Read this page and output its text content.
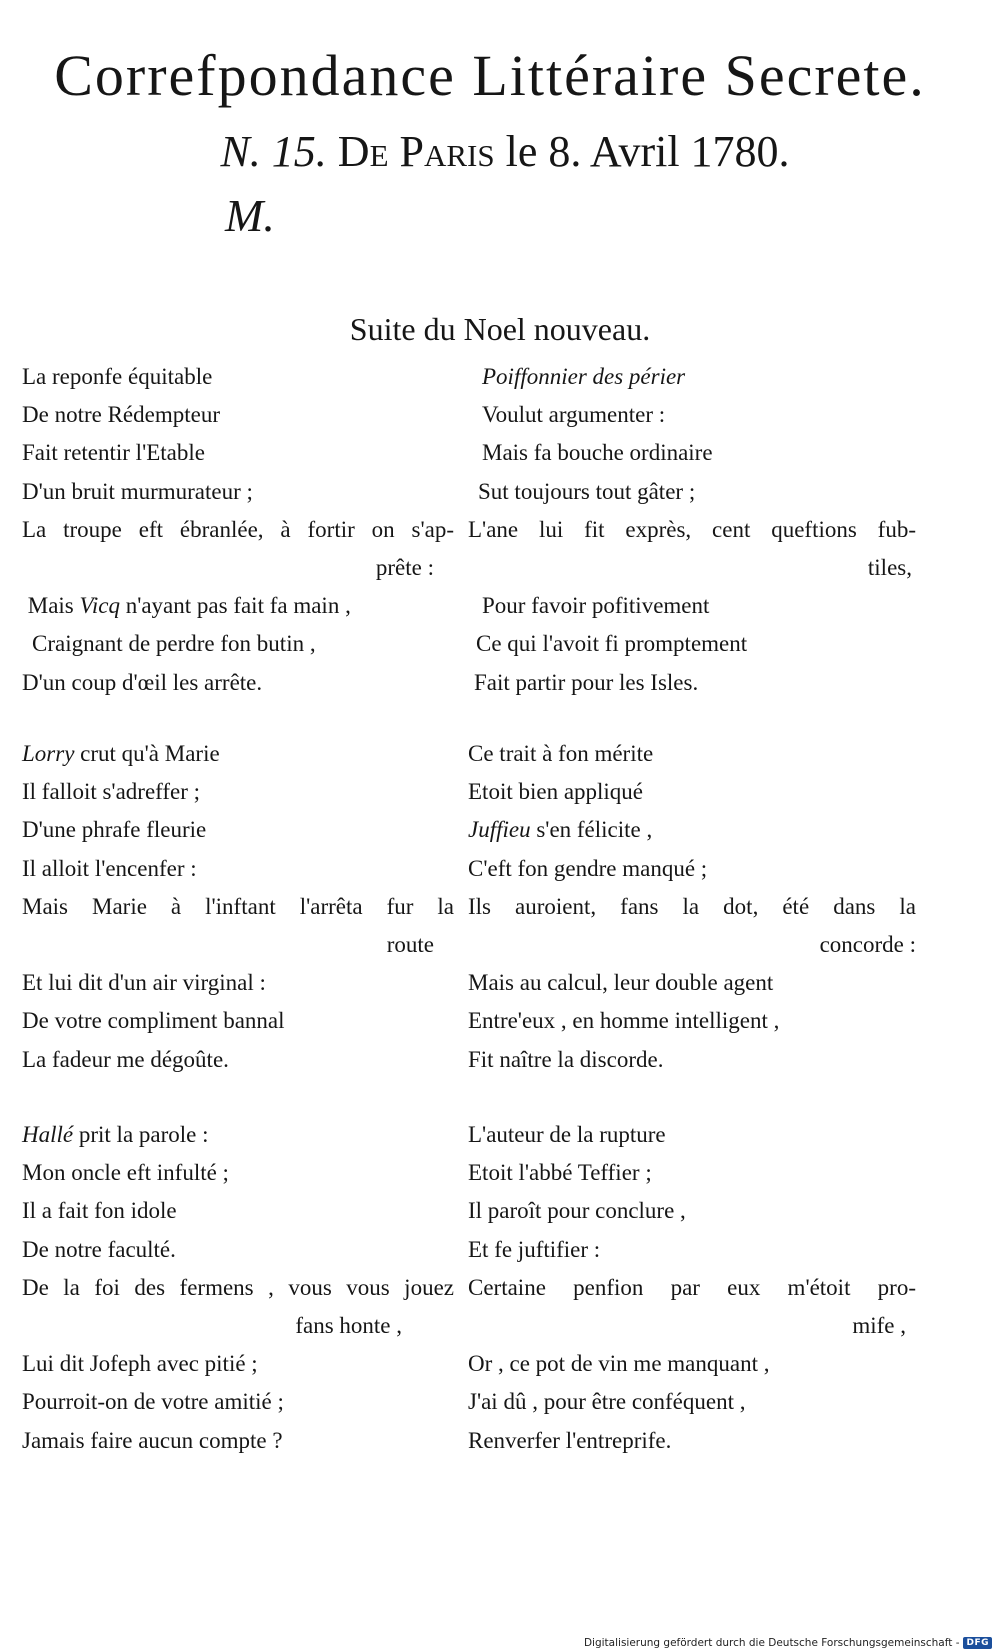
Correfpondance Littéraire Secrete.
N. 15. De Paris le 8. Avril 1780.
M.
Suite du Noel nouveau.
La reponfe équitable
De notre Rédempteur
Fait retentir l'Etable
D'un bruit murmurateur ;
La troupe eft ébranlée, à fortir on s'ap-
prête :
Mais Vicq n'ayant pas fait fa main ,
Craignant de perdre fon butin ,
D'un coup d'œil les arrête.
Lorry crut qu'à Marie
Il falloit s'adreffer ;
D'une phrafe fleurie
Il alloit l'encenfer :
Mais Marie à l'inftant l'arrêta fur la
route
Et lui dit d'un air virginal :
De votre compliment bannal
La fadeur me dégoûte.
Hallé prit la parole :
Mon oncle eft infulté ;
Il a fait fon idole
De notre faculté.
De la foi des fermens , vous vous jouez
fans honte ,
Lui dit Jofeph avec pitié ;
Pourroit-on de votre amitié ;
Jamais faire aucun compte ?
Poiffonnier des périer
Voulut argumenter :
Mais fa bouche ordinaire
Sut toujours tout gâter ;
L'ane lui fit exprès, cent queftions fub-
tiles,
Pour favoir pofitivement
Ce qui l'avoit fi promptement
Fait partir pour les Isles.
Ce trait à fon mérite
Etoit bien appliqué
Juffieu s'en félicite ,
C'eft fon gendre manqué ;
Ils auroient, fans la dot, été dans la
concorde :
Mais au calcul, leur double agent
Entre'eux , en homme intelligent ,
Fit naître la discorde.
L'auteur de la rupture
Etoit l'abbé Teffier ;
Il paroît pour conclure ,
Et fe juftifier :
Certaine penfion par eux m'étoit pro-
mife ,
Or , ce pot de vin me manquant ,
J'ai dû , pour être conféquent ,
Renverfer l'entreprife.
Digitalisierung gefördert durch die Deutsche Forschungsgemeinschaft - DFG
